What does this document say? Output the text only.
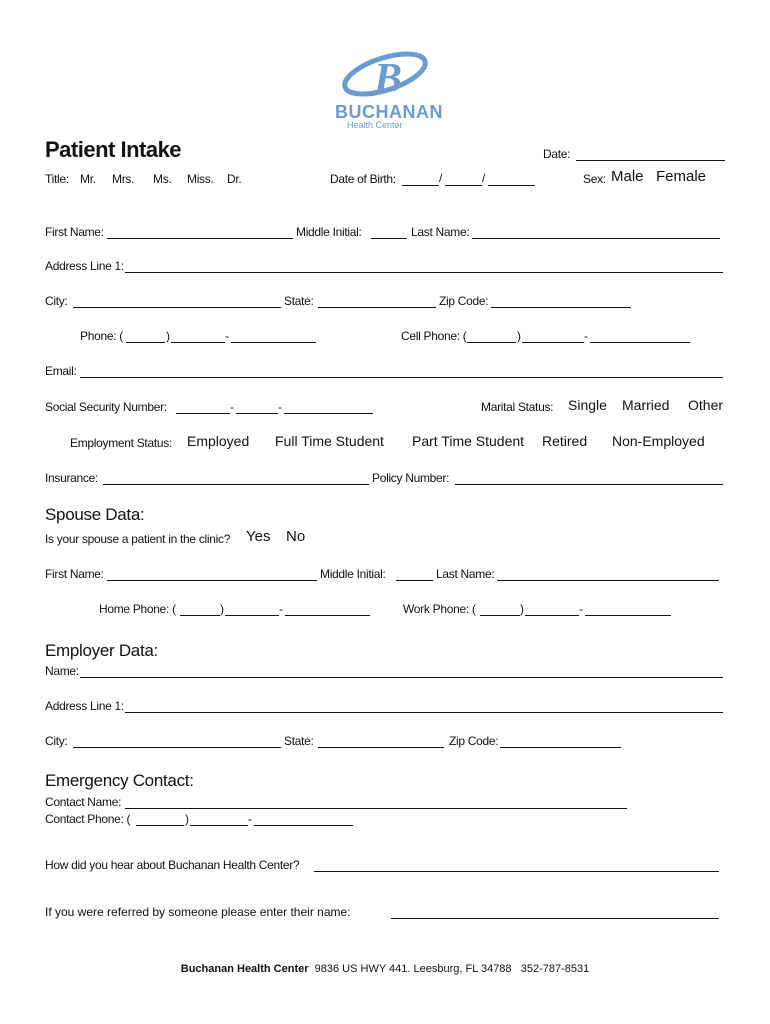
B
BUCHANAN
Health Center
Patient Intake	Date:
Title: Mr. Mrs. Ms. Miss. Dr.	Date of Birth:	/	/	Sex: Male Female
First Name:	Middle Initial:	Last Name:
Address Line 1:
City:	State:	Zip Code:
Phone: (	)	-	Cell Phone: (	)	-
Email:
Social Security Number:	-	-	Marital Status: Single Married Other
Employment Status: Employed Full Time Student Part Time Student Retired Non-Employed
Insurance:	Policy Number:
Spouse Data:
Is your spouse a patient in the clinic? Yes No
First Name:	Middle Initial:	Last Name:
Home Phone: (	)	-	Work Phone: (	)	-
Employer Data:
Name:
Address Line 1:
City:	State:	Zip Code:
Emergency Contact:
Contact Name:
Contact Phone: (	)	-
How did you hear about Buchanan Health Center?
If you were referred by someone please enter their name:
Buchanan Health Center 9836 US HWY 441. Leesburg, FL 34788 352-787-8531
